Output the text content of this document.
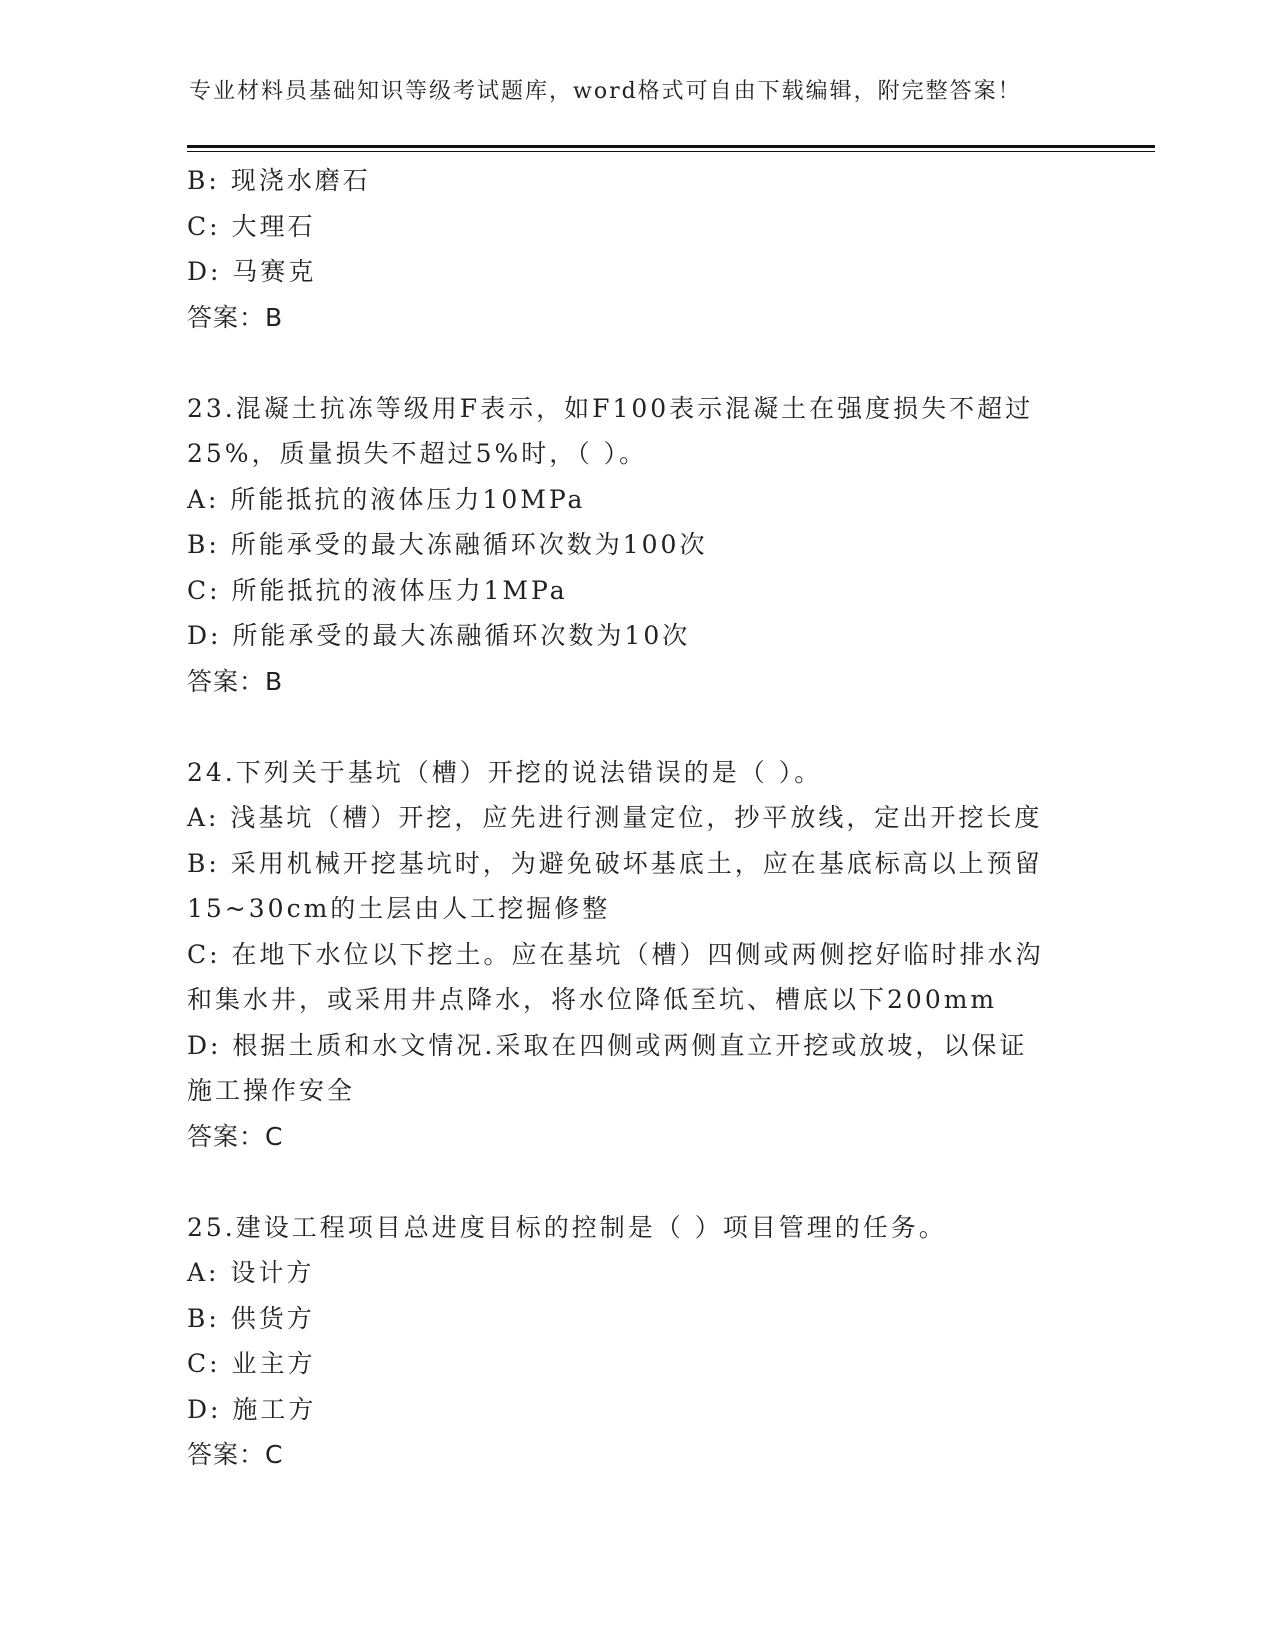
专业材料员基础知识等级考试题库，word格式可自由下载编辑，附完整答案！
B: 现浇水磨石
C: 大理石
D: 马赛克
答案：B
23.混凝土抗冻等级用F表示，如F100表示混凝土在强度损失不超过
25%，质量损失不超过5%时，（ ）。
A: 所能抵抗的液体压力10MPa
B: 所能承受的最大冻融循环次数为100次
C: 所能抵抗的液体压力1MPa
D: 所能承受的最大冻融循环次数为10次
答案：B
24.下列关于基坑（槽）开挖的说法错误的是（ ）。
A: 浅基坑（槽）开挖，应先进行测量定位，抄平放线，定出开挖长度
B: 采用机械开挖基坑时，为避免破坏基底土，应在基底标高以上预留
15~30cm的土层由人工挖掘修整
C: 在地下水位以下挖土。应在基坑（槽）四侧或两侧挖好临时排水沟
和集水井，或采用井点降水，将水位降低至坑、槽底以下200mm
D: 根据土质和水文情况.采取在四侧或两侧直立开挖或放坡，以保证
施工操作安全
答案：C
25.建设工程项目总进度目标的控制是（ ）项目管理的任务。
A: 设计方
B: 供货方
C: 业主方
D: 施工方
答案：C
